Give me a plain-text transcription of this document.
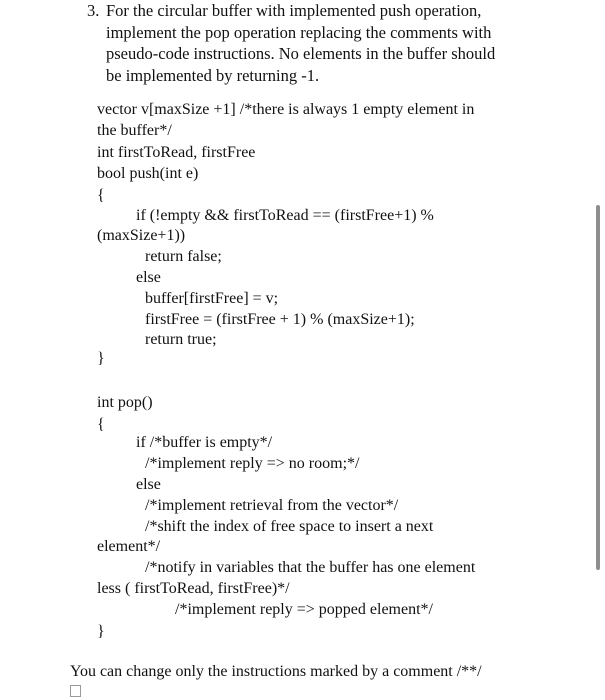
3. For the circular buffer with implemented push operation,
implement the pop operation replacing the comments with
pseudo-code instructions. No elements in the buffer should
be implemented by returning -1.
vector v[maxSize +1] /*there is always 1 empty element in
the buffer*/
int firstToRead, firstFree
bool push(int e)
{
if (!empty && firstToRead == (firstFree+1) %
(maxSize+1))
return false;
else
buffer[firstFree] = v;
firstFree = (firstFree + 1) % (maxSize+1);
return true;
}
int pop()
{
if /*buffer is empty*/
/*implement reply => no room;*/
else
/*implement retrieval from the vector*/
/*shift the index of free space to insert a next
element*/
/*notify in variables that the buffer has one element
less ( firstToRead, firstFree)*/
/*implement reply => popped element*/
}
You can change only the instructions marked by a comment /**/
